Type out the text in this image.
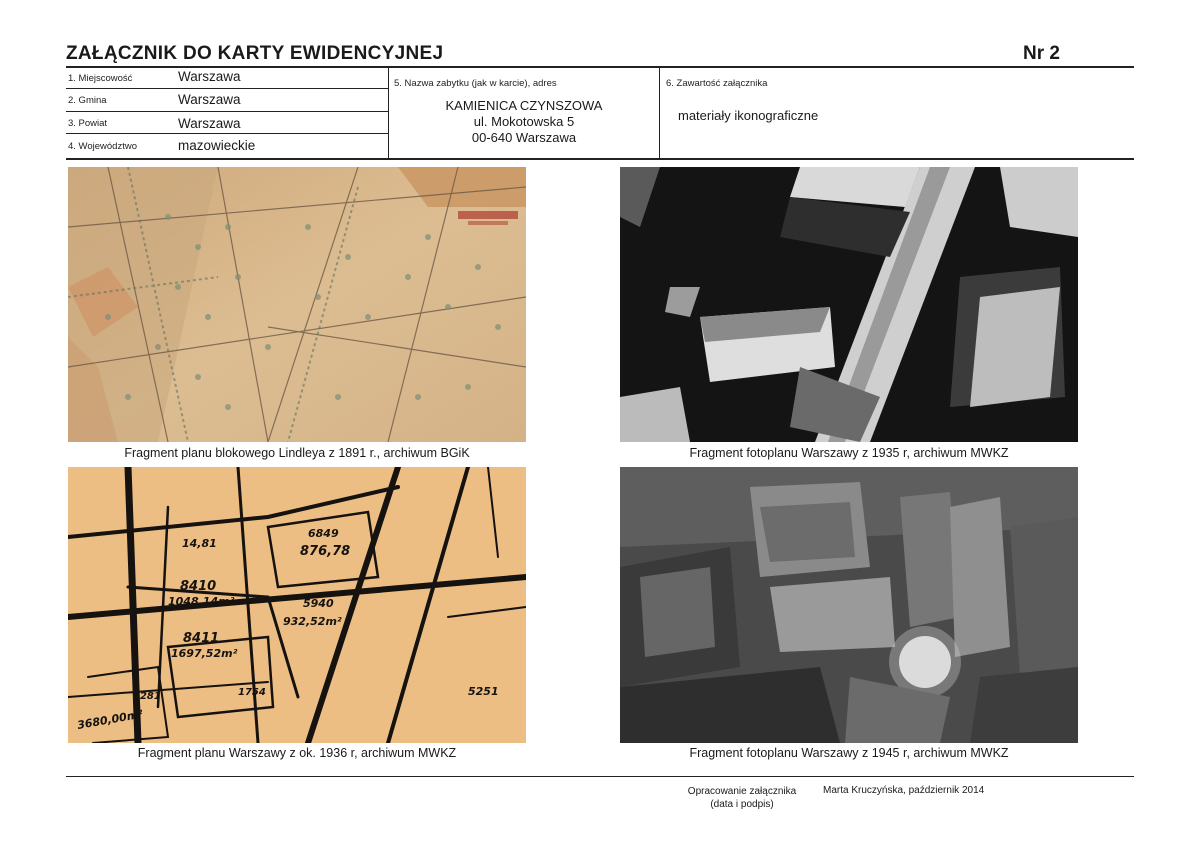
ZAŁĄCZNIK DO KARTY EWIDENCYJNEJ	Nr 2
1. Miejscowość	Warszawa
2. Gmina	Warszawa
3. Powiat	Warszawa
4. Województwo	mazowieckie
5. Nazwa zabytku (jak w karcie), adres
KAMIENICA CZYNSZOWA
ul. Mokotowska 5
00-640 Warszawa
6. Zawartość załącznika
materiały ikonograficzne
Fragment planu blokowego Lindleya z 1891 r., archiwum BGiK	Fragment fotoplanu Warszawy z 1935 r, archiwum MWKZ
8410
1048,14m²
8411
1697,52m²
6849
876,78
5940
932,52m²
14,81
1754
5281	5251
3680,00m²
Fragment planu Warszawy z ok. 1936 r, archiwum MWKZ	Fragment fotoplanu Warszawy z 1945 r, archiwum MWKZ
Opracowanie załącznika
(data i podpis)
Marta Kruczyńska, październik 2014
